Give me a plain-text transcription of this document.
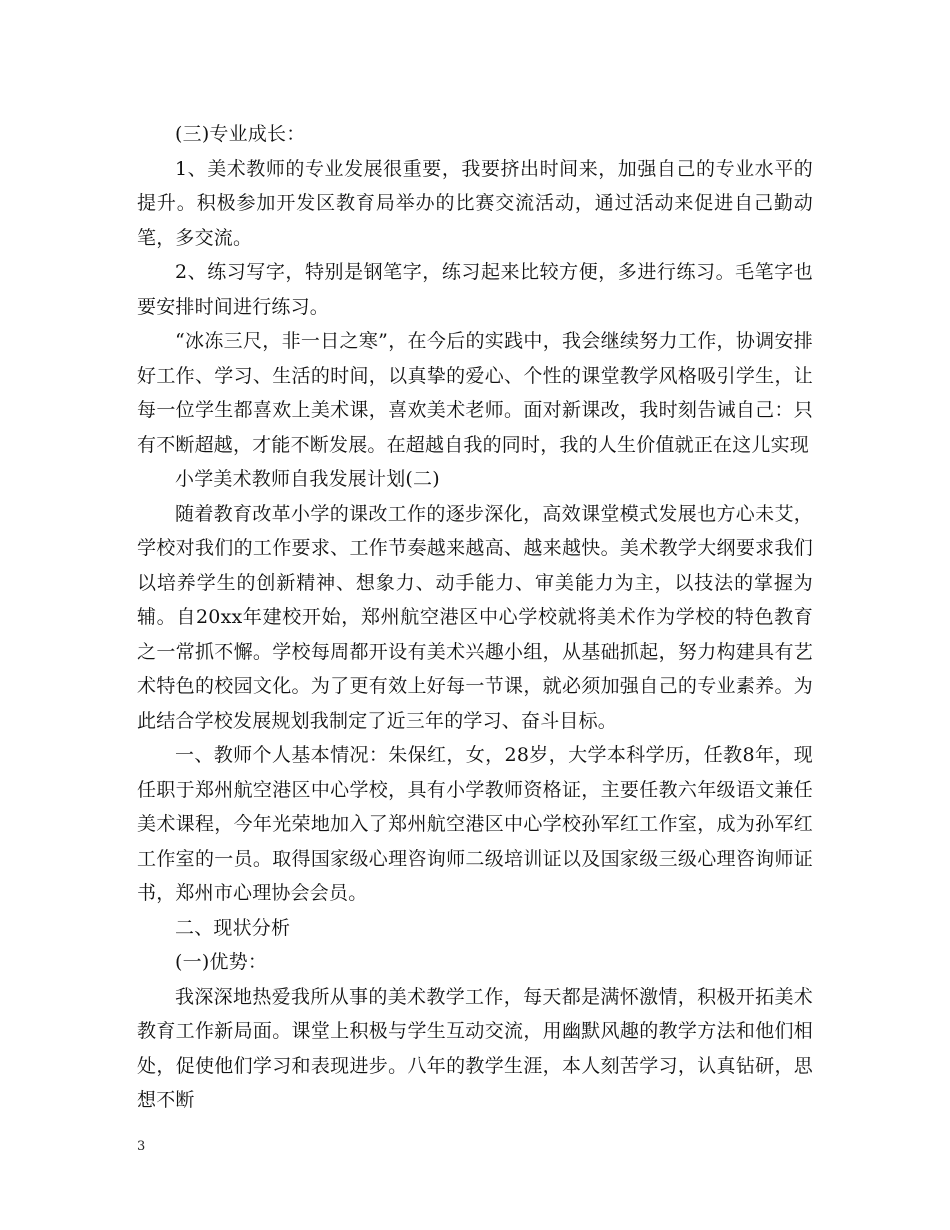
(三)专业成长：

1、美术教师的专业发展很重要，我要挤出时间来，加强自己的专业水平的提升。积极参加开发区教育局举办的比赛交流活动，通过活动来促进自己勤动笔，多交流。

2、练习写字，特别是钢笔字，练习起来比较方便，多进行练习。毛笔字也要安排时间进行练习。

“冰冻三尺，非一日之寒”，在今后的实践中，我会继续努力工作，协调安排好工作、学习、生活的时间，以真挚的爱心、个性的课堂教学风格吸引学生，让每一位学生都喜欢上美术课，喜欢美术老师。面对新课改，我时刻告诫自己：只有不断超越，才能不断发展。在超越自我的同时，我的人生价值就正在这儿实现

小学美术教师自我发展计划(二)

随着教育改革小学的课改工作的逐步深化，高效课堂模式发展也方心未艾，学校对我们的工作要求、工作节奏越来越高、越来越快。美术教学大纲要求我们以培养学生的创新精神、想象力、动手能力、审美能力为主，以技法的掌握为辅。自20xx年建校开始，郑州航空港区中心学校就将美术作为学校的特色教育之一常抓不懈。学校每周都开设有美术兴趣小组，从基础抓起，努力构建具有艺术特色的校园文化。为了更有效上好每一节课，就必须加强自己的专业素养。为此结合学校发展规划我制定了近三年的学习、奋斗目标。

一、教师个人基本情况：朱保红，女，28岁，大学本科学历，任教8年，现任职于郑州航空港区中心学校，具有小学教师资格证，主要任教六年级语文兼任美术课程，今年光荣地加入了郑州航空港区中心学校孙军红工作室，成为孙军红工作室的一员。取得国家级心理咨询师二级培训证以及国家级三级心理咨询师证书，郑州市心理协会会员。

二、现状分析

(一)优势：

我深深地热爱我所从事的美术教学工作，每天都是满怀激情，积极开拓美术教育工作新局面。课堂上积极与学生互动交流，用幽默风趣的教学方法和他们相处，促使他们学习和表现进步。八年的教学生涯，本人刻苦学习，认真钻研，思想不断

3
